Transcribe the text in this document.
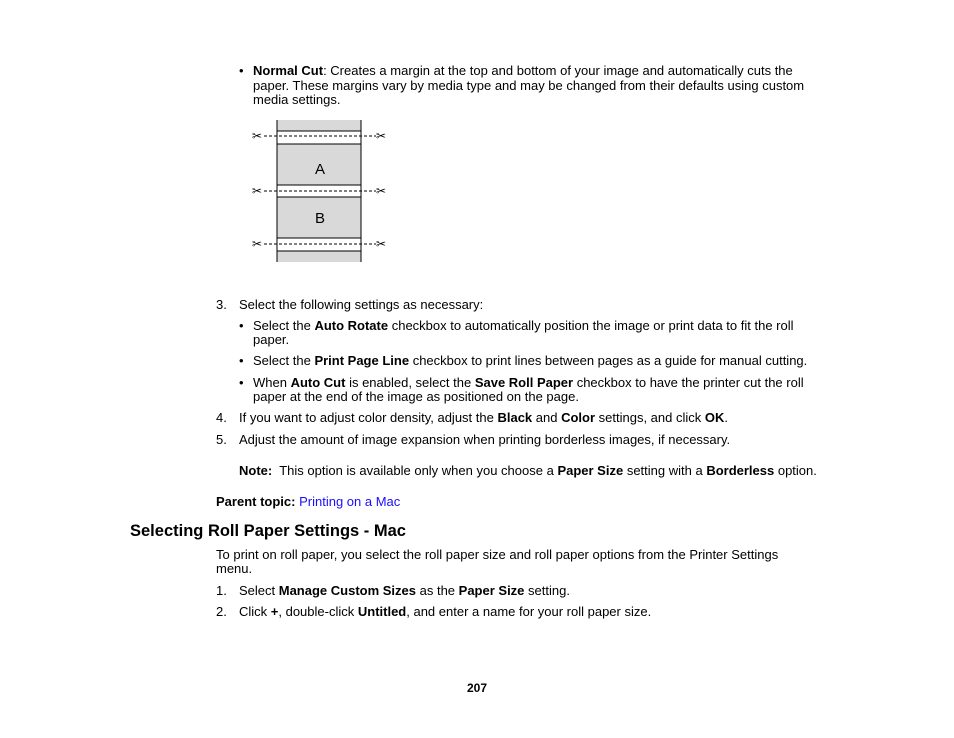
• Normal Cut: Creates a margin at the top and bottom of your image and automatically cuts the
paper. These margins vary by media type and may be changed from their defaults using custom
media settings.
✂	✂
✂	✂
✂	✂
A
B
3. Select the following settings as necessary:
• Select the Auto Rotate checkbox to automatically position the image or print data to fit the roll
paper.
• Select the Print Page Line checkbox to print lines between pages as a guide for manual cutting.
• When Auto Cut is enabled, select the Save Roll Paper checkbox to have the printer cut the roll
paper at the end of the image as positioned on the page.
4. If you want to adjust color density, adjust the Black and Color settings, and click OK.
5. Adjust the amount of image expansion when printing borderless images, if necessary.
Note:  This option is available only when you choose a Paper Size setting with a Borderless option.
Parent topic: Printing on a Mac
Selecting Roll Paper Settings - Mac
To print on roll paper, you select the roll paper size and roll paper options from the Printer Settings
menu.
1. Select Manage Custom Sizes as the Paper Size setting.
2. Click +, double-click Untitled, and enter a name for your roll paper size.
207
